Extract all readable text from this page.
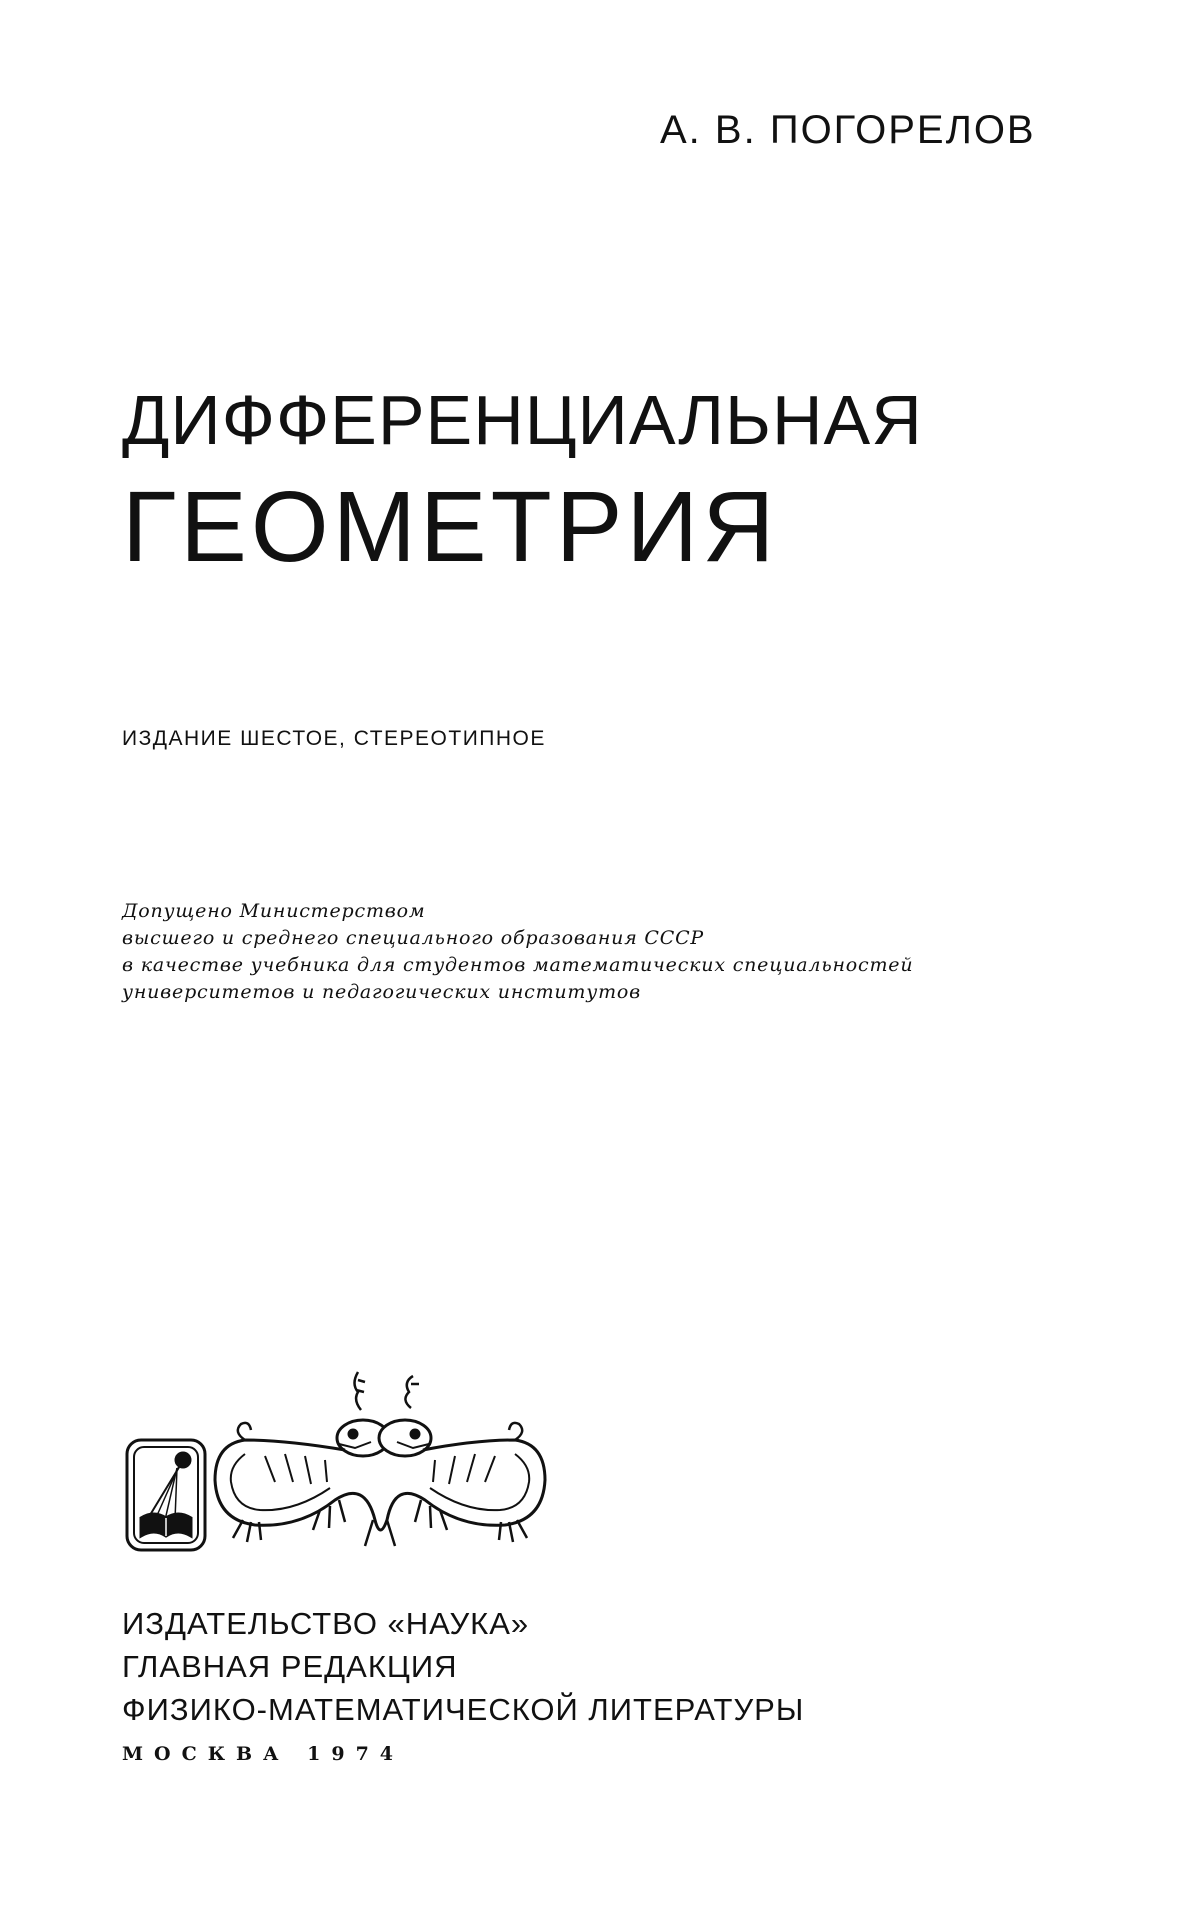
А. В. ПОГОРЕЛОВ
ДИФФЕРЕНЦИАЛЬНАЯ
ГЕОМЕТРИЯ
ИЗДАНИЕ ШЕСТОЕ, СТЕРЕОТИПНОЕ
Допущено Министерством
высшего и среднего специального образования СССР
в качестве учебника для студентов математических специальностей
университетов и педагогических институтов
ИЗДАТЕЛЬСТВО «НАУКА»
ГЛАВНАЯ РЕДАКЦИЯ
ФИЗИКО-МАТЕМАТИЧЕСКОЙ ЛИТЕРАТУРЫ
МОСКВА 1974
